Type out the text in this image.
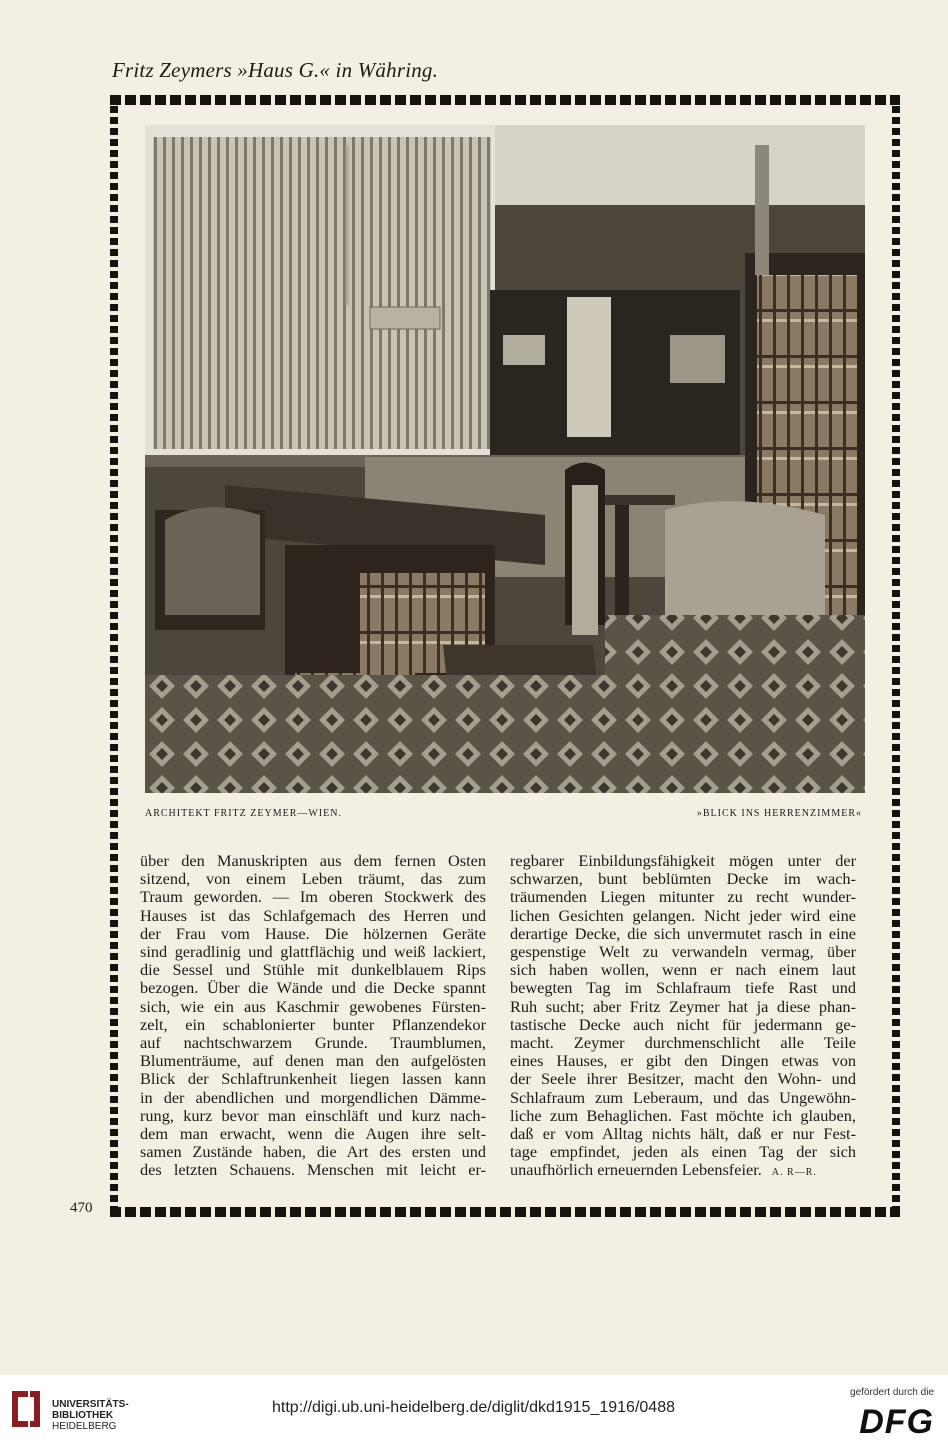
Fritz Zeymers »Haus G.« in Währing.
ARCHITEKT FRITZ ZEYMER—WIEN.	»BLICK INS HERRENZIMMER«
über den Manuskripten aus dem fernen Osten
sitzend, von einem Leben träumt, das zum
Traum geworden. — Im oberen Stockwerk des
Hauses ist das Schlafgemach des Herren und
der Frau vom Hause. Die hölzernen Geräte
sind geradlinig und glattflächig und weiß lackiert,
die Sessel und Stühle mit dunkelblauem Rips
bezogen. Über die Wände und die Decke spannt
sich, wie ein aus Kaschmir gewobenes Fürsten-
zelt, ein schablonierter bunter Pflanzendekor
auf nachtschwarzem Grunde. Traumblumen,
Blumenträume, auf denen man den aufgelösten
Blick der Schlaftrunkenheit liegen lassen kann
in der abendlichen und morgendlichen Dämme-
rung, kurz bevor man einschläft und kurz nach-
dem man erwacht, wenn die Augen ihre selt-
samen Zustände haben, die Art des ersten und
des letzten Schauens. Menschen mit leicht er-
regbarer Einbildungsfähigkeit mögen unter der
schwarzen, bunt beblümten Decke im wach-
träumenden Liegen mitunter zu recht wunder-
lichen Gesichten gelangen. Nicht jeder wird eine
derartige Decke, die sich unvermutet rasch in eine
gespenstige Welt zu verwandeln vermag, über
sich haben wollen, wenn er nach einem laut
bewegten Tag im Schlafraum tiefe Rast und
Ruh sucht; aber Fritz Zeymer hat ja diese phan-
tastische Decke auch nicht für jedermann ge-
macht. Zeymer durchmenschlicht alle Teile
eines Hauses, er gibt den Dingen etwas von
der Seele ihrer Besitzer, macht den Wohn- und
Schlafraum zum Leberaum, und das Ungewöhn-
liche zum Behaglichen. Fast möchte ich glauben,
daß er vom Alltag nichts hält, daß er nur Fest-
tage empfindet, jeden als einen Tag der sich
unaufhörlich erneuernden Lebensfeier. A. R—R.
470
UNIVERSITÄTS-
BIBLIOTHEK
HEIDELBERG
http://digi.ub.uni-heidelberg.de/diglit/dkd1915_1916/0488
gefördert durch die
DFG
